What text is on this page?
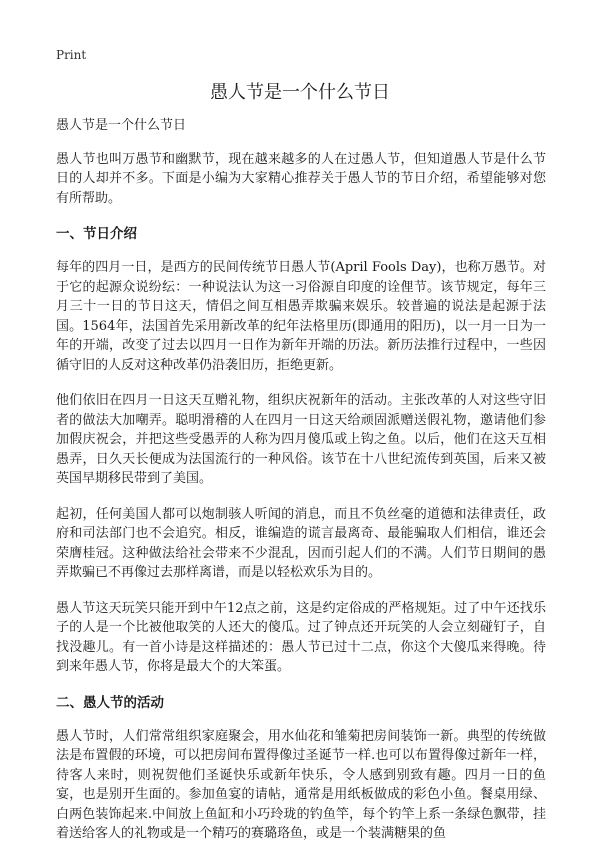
Print
愚人节是一个什么节日
愚人节是一个什么节日

愚人节也叫万愚节和幽默节，现在越来越多的人在过愚人节，但知道愚人节是什么节日的人却并不多。下面是小编为大家精心推荐关于愚人节的节日介绍，希望能够对您有所帮助。

一、节日介绍

每年的四月一日，是西方的民间传统节日愚人节(April Fools Day)，也称万愚节。对于它的起源众说纷纭：一种说法认为这一习俗源自印度的诠俚节。该节规定，每年三月三十一日的节日这天，情侣之间互相愚弄欺骗来娱乐。较普遍的说法是起源于法国。1564年，法国首先采用新改革的纪年法格里历(即通用的阳历)，以一月一日为一年的开端，改变了过去以四月一日作为新年开端的历法。新历法推行过程中，一些因循守旧的人反对这种改革仍沿袭旧历，拒绝更新。

他们依旧在四月一日这天互赠礼物，组织庆祝新年的活动。主张改革的人对这些守旧者的做法大加嘲弄。聪明滑稽的人在四月一日这天给顽固派赠送假礼物，邀请他们参加假庆祝会，并把这些受愚弄的人称为四月傻瓜或上钩之鱼。以后，他们在这天互相愚弄，日久天长便成为法国流行的一种风俗。该节在十八世纪流传到英国，后来又被英国早期移民带到了美国。

起初，任何美国人都可以炮制骇人听闻的消息，而且不负丝毫的道德和法律责任，政府和司法部门也不会追究。相反，谁编造的谎言最离奇、最能骗取人们相信，谁还会荣膺桂冠。这种做法给社会带来不少混乱，因而引起人们的不满。人们节日期间的愚弄欺骗已不再像过去那样离谱，而是以轻松欢乐为目的。

愚人节这天玩笑只能开到中午12点之前，这是约定俗成的严格规矩。过了中午还找乐子的人是一个比被他取笑的人还大的傻瓜。过了钟点还开玩笑的人会立刻碰钉子，自找没趣儿。有一首小诗是这样描述的：愚人节已过十二点，你这个大傻瓜来得晚。待到来年愚人节，你将是最大个的大笨蛋。

二、愚人节的活动

愚人节时，人们常常组织家庭聚会，用水仙花和雏菊把房间装饰一新。典型的传统做法是布置假的环境，可以把房间布置得像过圣诞节一样.也可以布置得像过新年一样，待客人来时，则祝贺他们圣诞快乐或新年快乐，令人感到别致有趣。四月一日的鱼宴，也是别开生面的。参加鱼宴的请帖，通常是用纸板做成的彩色小鱼。餐桌用绿、白两色装饰起来.中间放上鱼缸和小巧玲珑的钓鱼竿，每个钓竿上系一条绿色飘带，挂着送给客人的礼物或是一个精巧的赛璐珞鱼，或是一个装满糖果的鱼
